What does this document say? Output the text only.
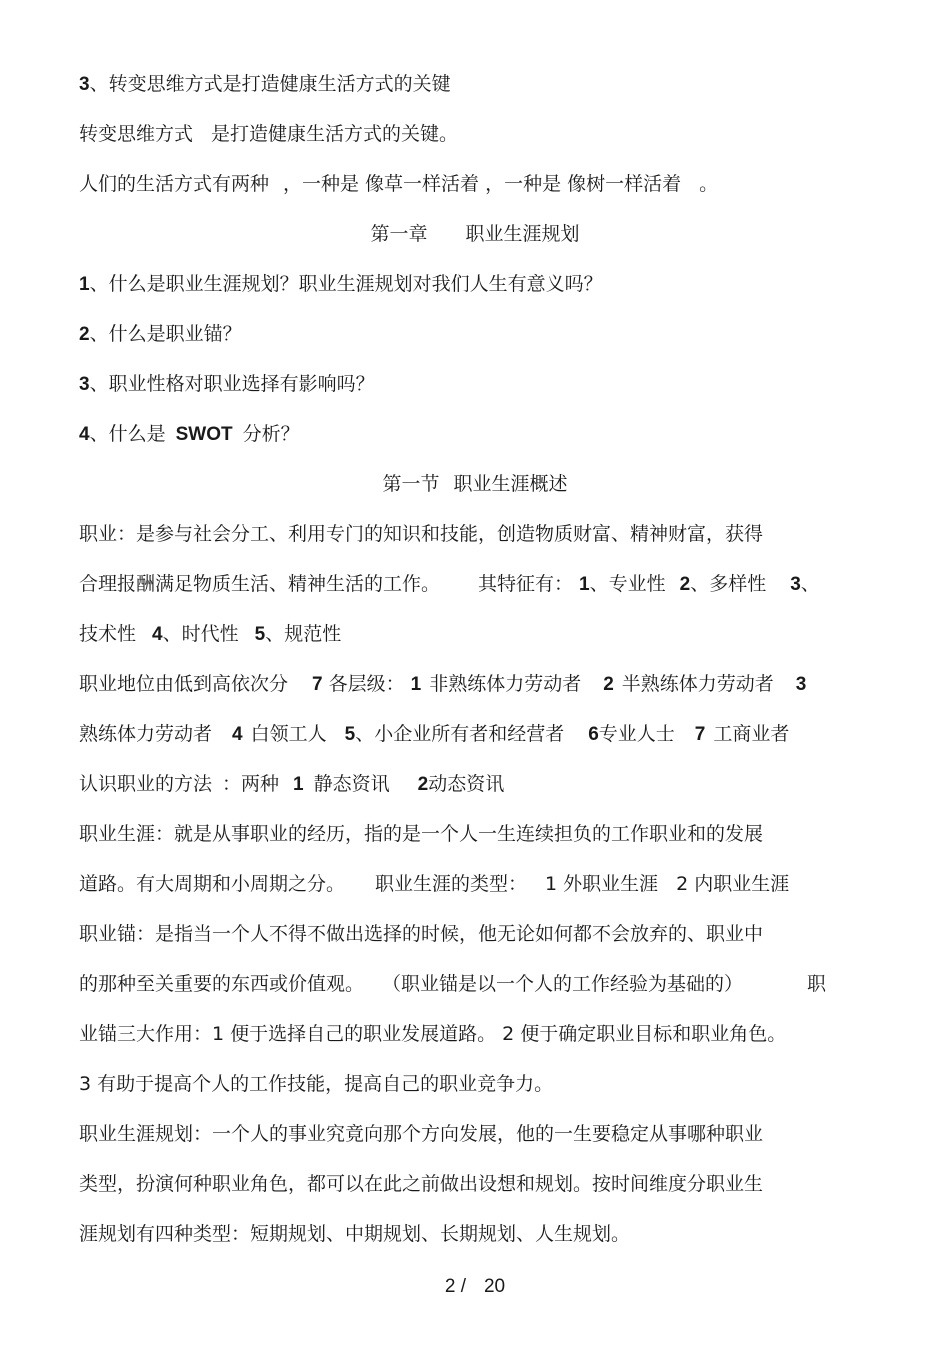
3、转变思维方式是打造健康生活方式的关键
转变思维方式 是打造健康生活方式的关键。
人们的生活方式有两种 ，一种是 像草一样活着 ，一种是 像树一样活着 。
第一章 职业生涯规划
1、什么是职业生涯规划？职业生涯规划对我们人生有意义吗？
2、什么是职业锚？
3、职业性格对职业选择有影响吗？
4、什么是 SWOT 分析？
第一节 职业生涯概述
职业：是参与社会分工、利用专门的知识和技能，创造物质财富、精神财富，获得
合理报酬满足物质生活、精神生活的工作。 其特征有： 1、专业性 2、多样性 3、
技术性 4、时代性 5、规范性
职业地位由低到高依次分 7 各层级： 1 非熟练体力劳动者 2 半熟练体力劳动者 3
熟练体力劳动者 4 白领工人 5、小企业所有者和经营者 6专业人士 7 工商业者
认识职业的方法 ：两种 1 静态资讯 2动态资讯
职业生涯：就是从事职业的经历，指的是一个人一生连续担负的工作职业和的发展
道路。有大周期和小周期之分。 职业生涯的类型： 1 外职业生涯 2 内职业生涯
职业锚：是指当一个人不得不做出选择的时候，他无论如何都不会放弃的、职业中
的那种至关重要的东西或价值观。 （职业锚是以一个人的工作经验为基础的）	职
业锚三大作用：1 便于选择自己的职业发展道路。 2 便于确定职业目标和职业角色。
3 有助于提高个人的工作技能，提高自己的职业竞争力。
职业生涯规划：一个人的事业究竟向那个方向发展，他的一生要稳定从事哪种职业
类型，扮演何种职业角色，都可以在此之前做出设想和规划。按时间维度分职业生
涯规划有四种类型：短期规划、中期规划、长期规划、人生规划。
2 / 20
